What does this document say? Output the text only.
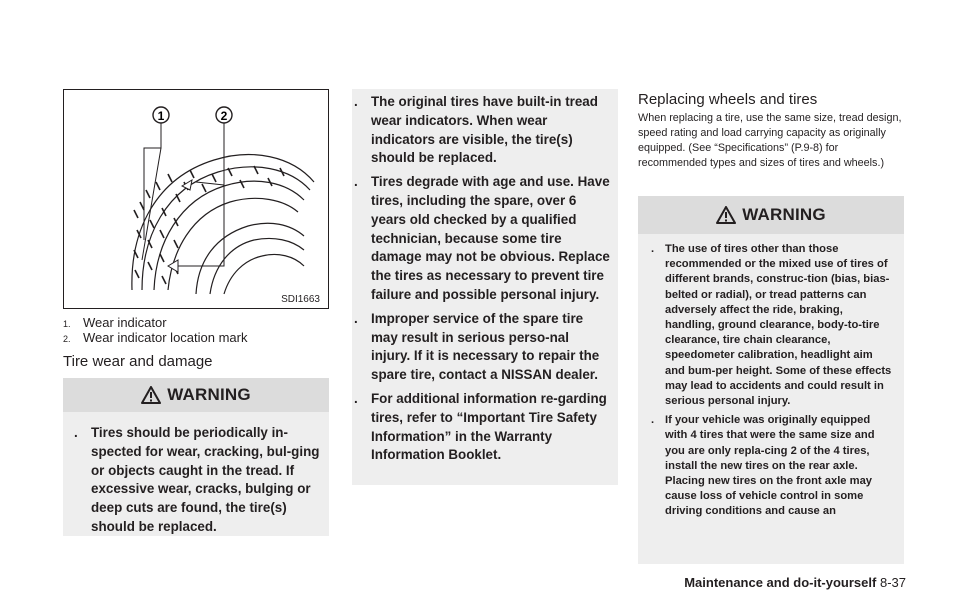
1	2
SDI1663
1. Wear indicator
2. Wear indicator location mark
Tire wear and damage
WARNING
. Tires should be periodically in-spected for wear, cracking, bul-ging or objects caught in the tread. If excessive wear, cracks, bulging or deep cuts are found, the tire(s) should be replaced.
. The original tires have built-in tread wear indicators. When wear indicators are visible, the tire(s) should be replaced.
. Tires degrade with age and use. Have tires, including the spare, over 6 years old checked by a qualified technician, because some tire damage may not be obvious. Replace the tires as necessary to prevent tire failure and possible personal injury.
. Improper service of the spare tire may result in serious perso-nal injury. If it is necessary to repair the spare tire, contact a NISSAN dealer.
. For additional information re-garding tires, refer to “Important Tire Safety Information” in the Warranty Information Booklet.
Replacing wheels and tires
When replacing a tire, use the same size, tread design, speed rating and load carrying capacity as originally equipped. (See “Specifications” (P.9-8) for recommended types and sizes of tires and wheels.)
WARNING
. The use of tires other than those recommended or the mixed use of tires of different brands, construc-tion (bias, bias-belted or radial), or tread patterns can adversely affect the ride, braking, handling, ground clearance, body-to-tire clearance, tire chain clearance, speedometer calibration, headlight aim and bum-per height. Some of these effects may lead to accidents and could result in serious personal injury.
. If your vehicle was originally equipped with 4 tires that were the same size and you are only repla-cing 2 of the 4 tires, install the new tires on the rear axle. Placing new tires on the front axle may cause loss of vehicle control in some driving conditions and cause an
Maintenance and do-it-yourself 8-37
